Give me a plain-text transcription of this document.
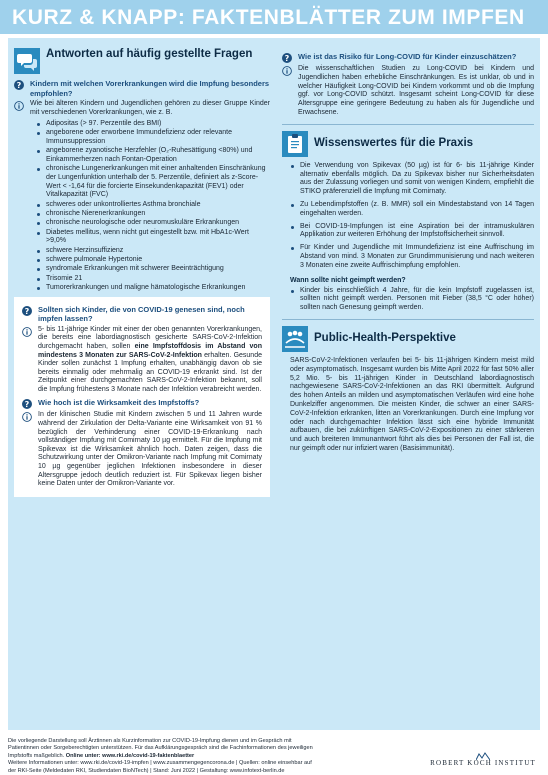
KURZ & KNAPP: FAKTENBLÄTTER ZUM IMPFEN
Antworten auf häufig gestellte Fragen
? Kindern mit welchen Vorerkrankungen wird die Impfung besonders empfohlen?
Wie bei älteren Kindern und Jugendlichen gehören zu dieser Gruppe Kinder mit verschiedenen Vorerkrankungen, wie z. B.
Adipositas (> 97. Perzentile des BMI)
angeborene oder erworbene Immundefizienz oder relevante Immunsuppression
angeborene zyanotische Herzfehler (O₂-Ruhesättigung <80%) und Einkammerherzen nach Fontan-Operation
chronische Lungenerkrankungen mit einer anhaltenden Einschränkung der Lungenfunktion unterhalb der 5. Perzentile, definiert als z-Score-Wert < -1,64 für die forcierte Einsekundenkapazität (FEV1) oder Vitalkapazität (FVC)
schweres oder unkontrolliertes Asthma bronchiale
chronische Nierenerkrankungen
chronische neurologische oder neuromuskuläre Erkrankungen
Diabetes mellitus, wenn nicht gut eingestellt bzw. mit HbA1c-Wert >9,0%
schwere Herzinsuffizienz
schwere pulmonale Hypertonie
syndromale Erkrankungen mit schwerer Beeinträchtigung
Trisomie 21
Tumorerkrankungen und maligne hämatologische Erkrankungen
? Sollten sich Kinder, die von COVID-19 genesen sind, noch impfen lassen?
5- bis 11-jährige Kinder mit einer der oben genannten Vorerkrankungen, die bereits eine labordiagnostisch gesicherte SARS-CoV-2-Infektion durchgemacht haben, sollen eine Impfstoffdosis im Abstand von mindestens 3 Monaten zur SARS-CoV-2-Infektion erhalten. Gesunde Kinder sollen zunächst 1 Impfung erhalten, unabhängig davon ob sie bereits einmalig oder mehrmalig an COVID-19 erkrankt sind. Ist der Zeitpunkt einer durchgemachten SARS-CoV-2-Infektion bekannt, soll die Impfung frühestens 3 Monate nach der Infektion verabreicht werden.
? Wie hoch ist die Wirksamkeit des Impfstoffs?
In der klinischen Studie mit Kindern zwischen 5 und 11 Jahren wurde während der Zirkulation der Delta-Variante eine Wirksamkeit von 91 % bezüglich der Verhinderung einer COVID-19-Erkrankung nach vollständiger Impfung mit Comirnaty 10 µg ermittelt. Für die Impfung mit Spikevax ist die Wirksamkeit ähnlich hoch. Daten zeigen, dass die Schutzwirkung unter der Omikron-Variante nach Impfung mit Comirnaty 10 µg gegenüber jeglichen Infektionen insbesondere in dieser Altersgruppe jedoch deutlich reduziert ist. Für Spikevax liegen bisher keine Daten unter der Omikron-Variante vor.
? Wie ist das Risiko für Long-COVID für Kinder einzuschätzen?
Die wissenschaftlichen Studien zu Long-COVID bei Kindern und Jugendlichen haben erhebliche Einschränkungen. Es ist unklar, ob und in welcher Häufigkeit Long-COVID bei Kindern vorkommt und ob die Impfung ggf. vor Long-COVID schützt. Insgesamt scheint Long-COVID für diese Altersgruppe eine geringere Bedeutung zu haben als für Jugendliche und Erwachsene.
Wissenswertes für die Praxis
Die Verwendung von Spikevax (50 µg) ist für 6- bis 11-jährige Kinder alternativ ebenfalls möglich. Da zu Spikevax bisher nur Sicherheitsdaten aus der Zulassung vorliegen und somit von wenigen Kindern, empfiehlt die STIKO präferenziell die Impfung mit Comirnaty.
Zu Lebendimpfstoffen (z. B. MMR) soll ein Mindestabstand von 14 Tagen eingehalten werden.
Bei COVID-19-Impfungen ist eine Aspiration bei der intramuskulären Applikation zur weiteren Erhöhung der Impfstoffsicherheit sinnvoll.
Für Kinder und Jugendliche mit Immundefizienz ist eine Auffrischung im Abstand von mind. 3 Monaten zur Grundimmunisierung und nach weiteren 3 Monaten eine zweite Auffrischimpfung empfohlen.
Wann sollte nicht geimpft werden?
Kinder bis einschließlich 4 Jahre, für die kein Impfstoff zugelassen ist, sollten nicht geimpft werden. Personen mit Fieber (38,5 °C oder höher) sollten nach Genesung geimpft werden.
Public-Health-Perspektive
SARS-CoV-2-Infektionen verlaufen bei 5- bis 11-jährigen Kindern meist mild oder asymptomatisch. Insgesamt wurden bis Mitte April 2022 für fast 50% aller 5,2 Mio. 5- bis 11-jährigen Kinder in Deutschland labordiagnostisch nachgewiesene SARS-CoV-2-Infektionen an das RKI übermittelt. Aufgrund des hohen Anteils an milden und asymptomatischen Verläufen wird eine hohe Dunkelziffer angenommen. Die meisten Kinder, die schwer an einer SARS-CoV-2-Infektion erkranken, litten an Vorerkrankungen. Durch eine Impfung vor oder nach durchgemachter Infektion lässt sich eine hybride Immunität aufbauen, die bei zukünftigen SARS-CoV-2-Expositionen zu einer stärkeren und auch breiteren Immunantwort führt als dies bei Personen der Fall ist, die nur geimpft oder nur infiziert waren (Basisimmunität).
Die vorliegende Darstellung soll Ärztinnen als Kurzinformation zur COVID-19-Impfung dienen und im Gespräch mit
Patientinnen oder Sorgeberechtigten unterstützen. Für das Aufklärungsgespräch sind die Fachinformationen des jeweiligen
Impfstoffs maßgeblich. Online unter: www.rki.de/covid-19-faktenblaetter
Weitere Informationen unter: www.rki.de/covid-19-impfen | www.zusammengegencorona.de | Quellen: online einsehbar auf
der RKI-Seite (Meldedaten RKI, Studiendaten BioNTech) | Stand: Juni 2022 | Gestaltung: www.infotext-berlin.de
ROBERT KOCH INSTITUT
